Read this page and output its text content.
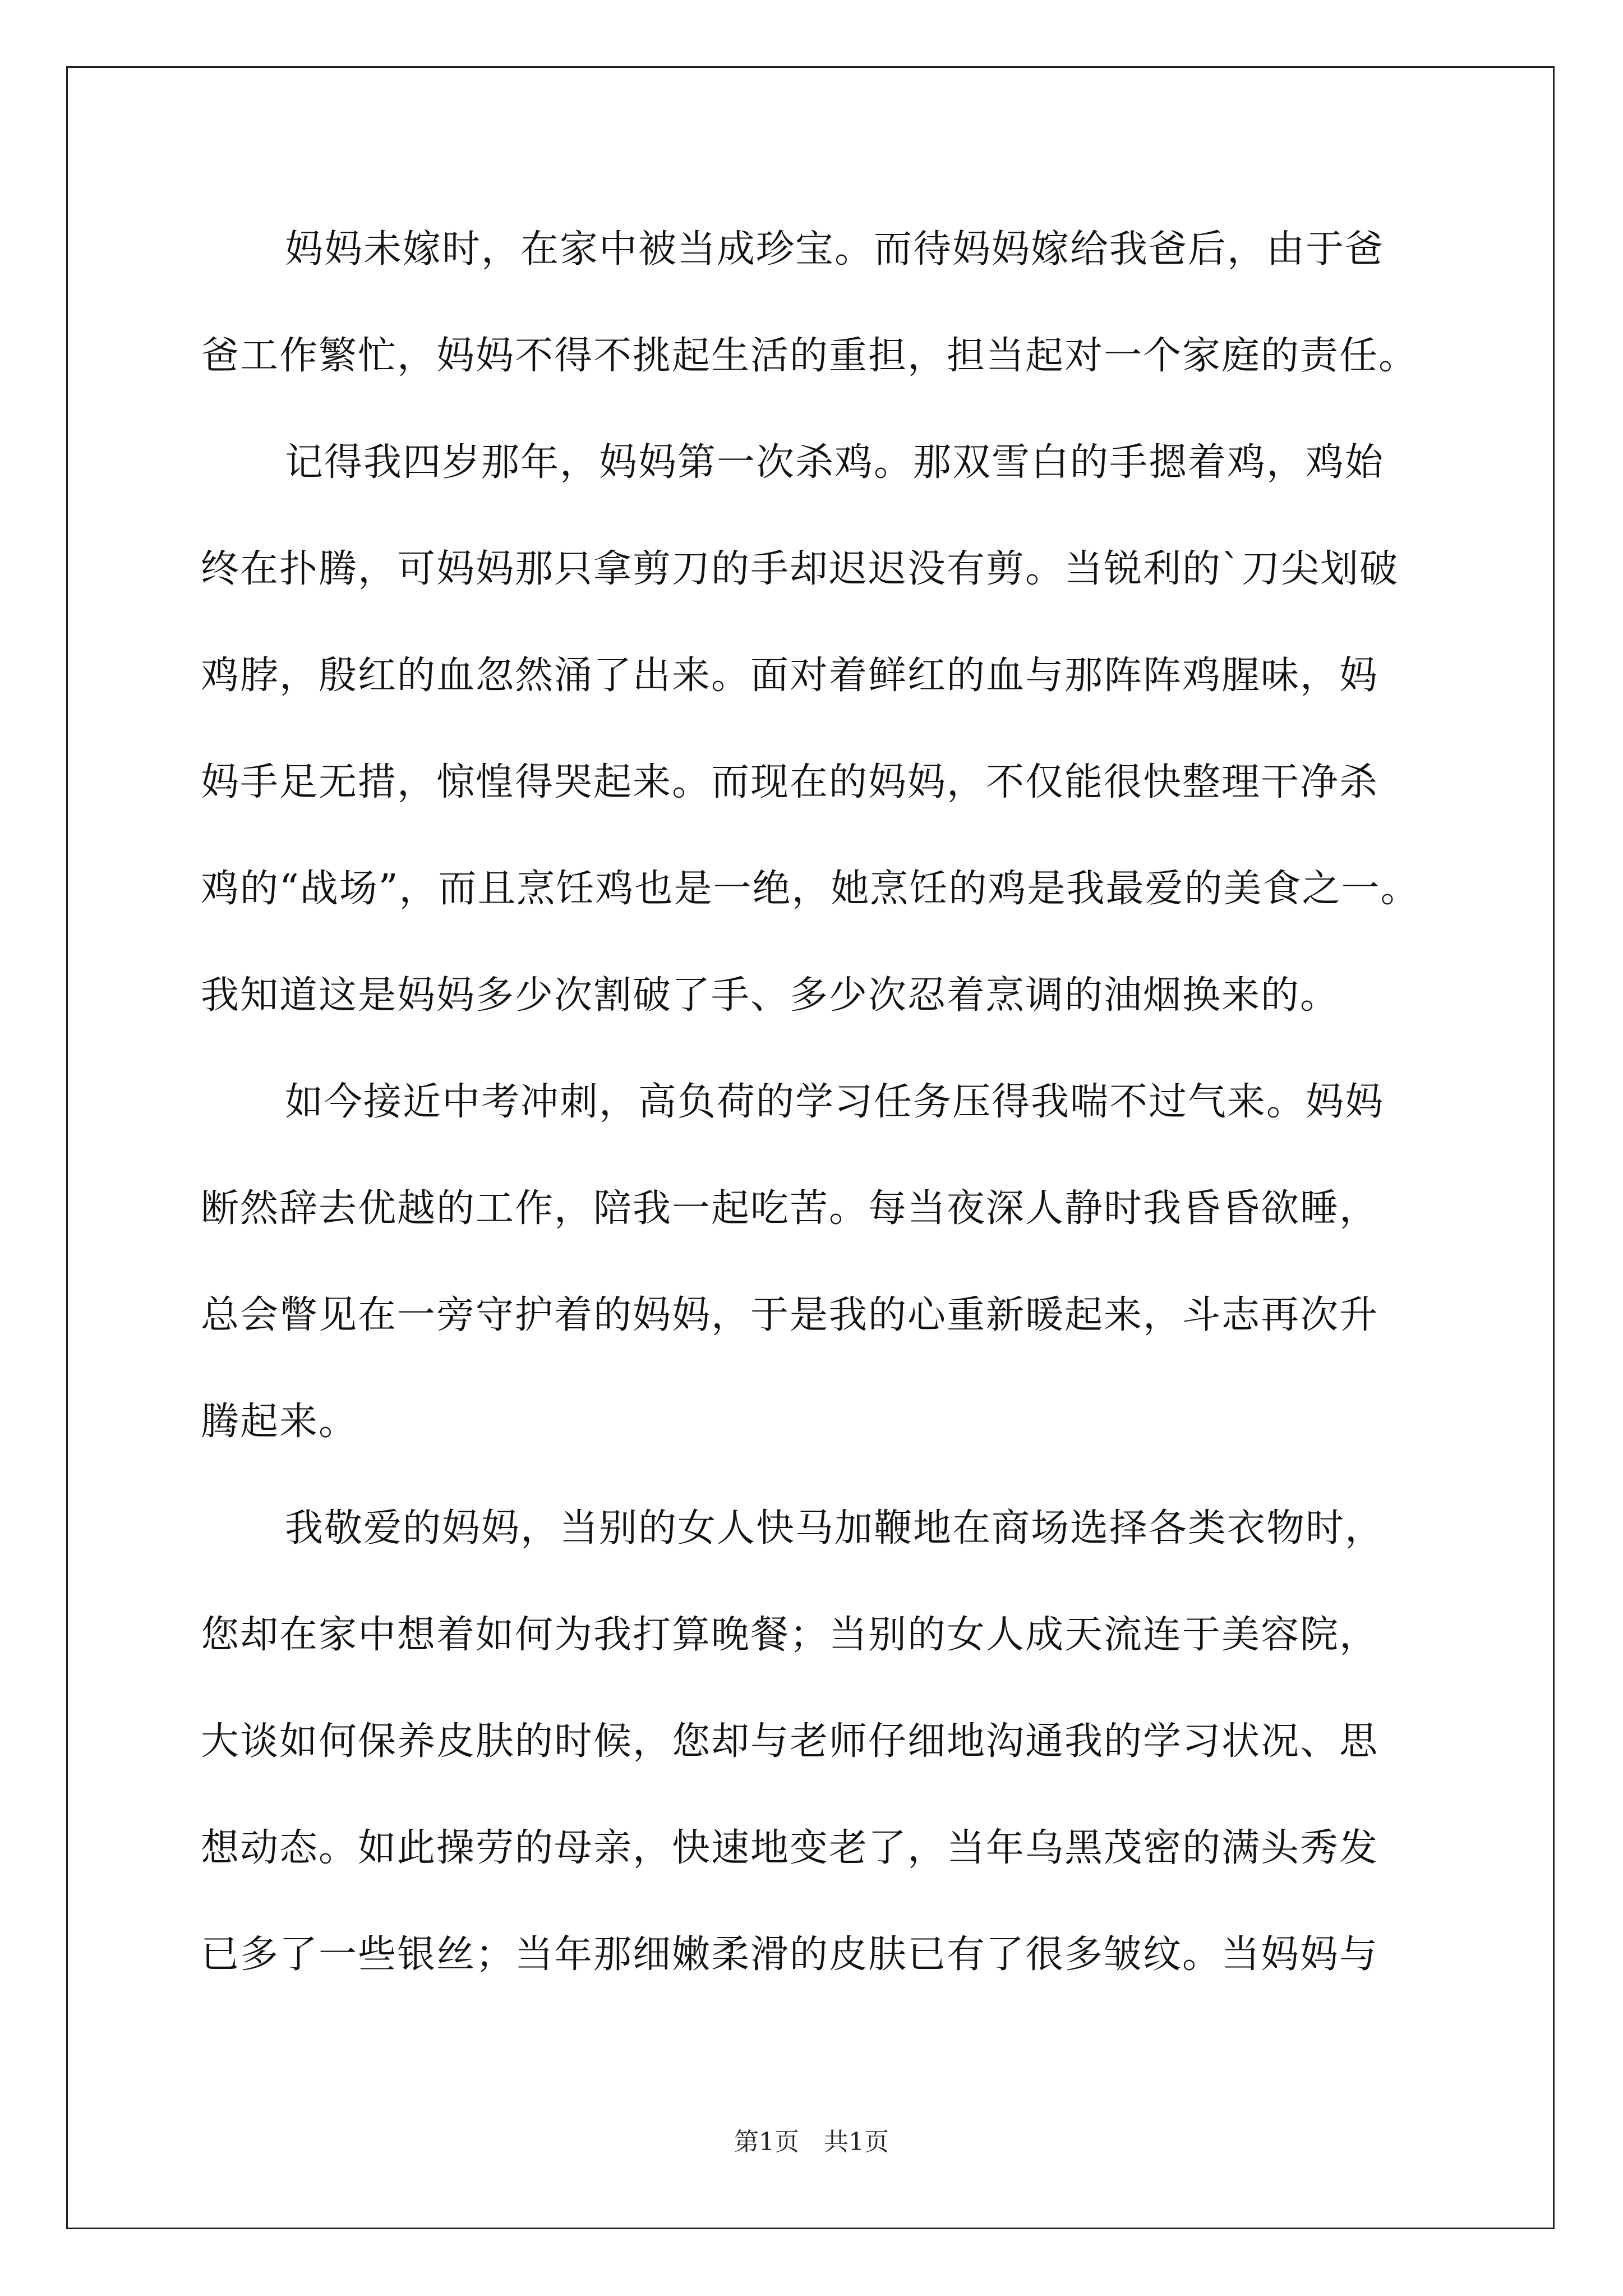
妈妈未嫁时，在家中被当成珍宝。而待妈妈嫁给我爸后，由于爸
爸工作繁忙，妈妈不得不挑起生活的重担，担当起对一个家庭的责任。
记得我四岁那年，妈妈第一次杀鸡。那双雪白的手摁着鸡，鸡始
终在扑腾，可妈妈那只拿剪刀的手却迟迟没有剪。当锐利的`刀尖划破
鸡脖，殷红的血忽然涌了出来。面对着鲜红的血与那阵阵鸡腥味，妈
妈手足无措，惊惶得哭起来。而现在的妈妈，不仅能很快整理干净杀
鸡的“战场”，而且烹饪鸡也是一绝，她烹饪的鸡是我最爱的美食之一。
我知道这是妈妈多少次割破了手、多少次忍着烹调的油烟换来的。
如今接近中考冲刺，高负荷的学习任务压得我喘不过气来。妈妈
断然辞去优越的工作，陪我一起吃苦。每当夜深人静时我昏昏欲睡，
总会瞥见在一旁守护着的妈妈，于是我的心重新暖起来，斗志再次升
腾起来。
我敬爱的妈妈，当别的女人快马加鞭地在商场选择各类衣物时，
您却在家中想着如何为我打算晚餐；当别的女人成天流连于美容院，
大谈如何保养皮肤的时候，您却与老师仔细地沟通我的学习状况、思
想动态。如此操劳的母亲，快速地变老了，当年乌黑茂密的满头秀发
已多了一些银丝；当年那细嫩柔滑的皮肤已有了很多皱纹。当妈妈与
第1页　共1页
